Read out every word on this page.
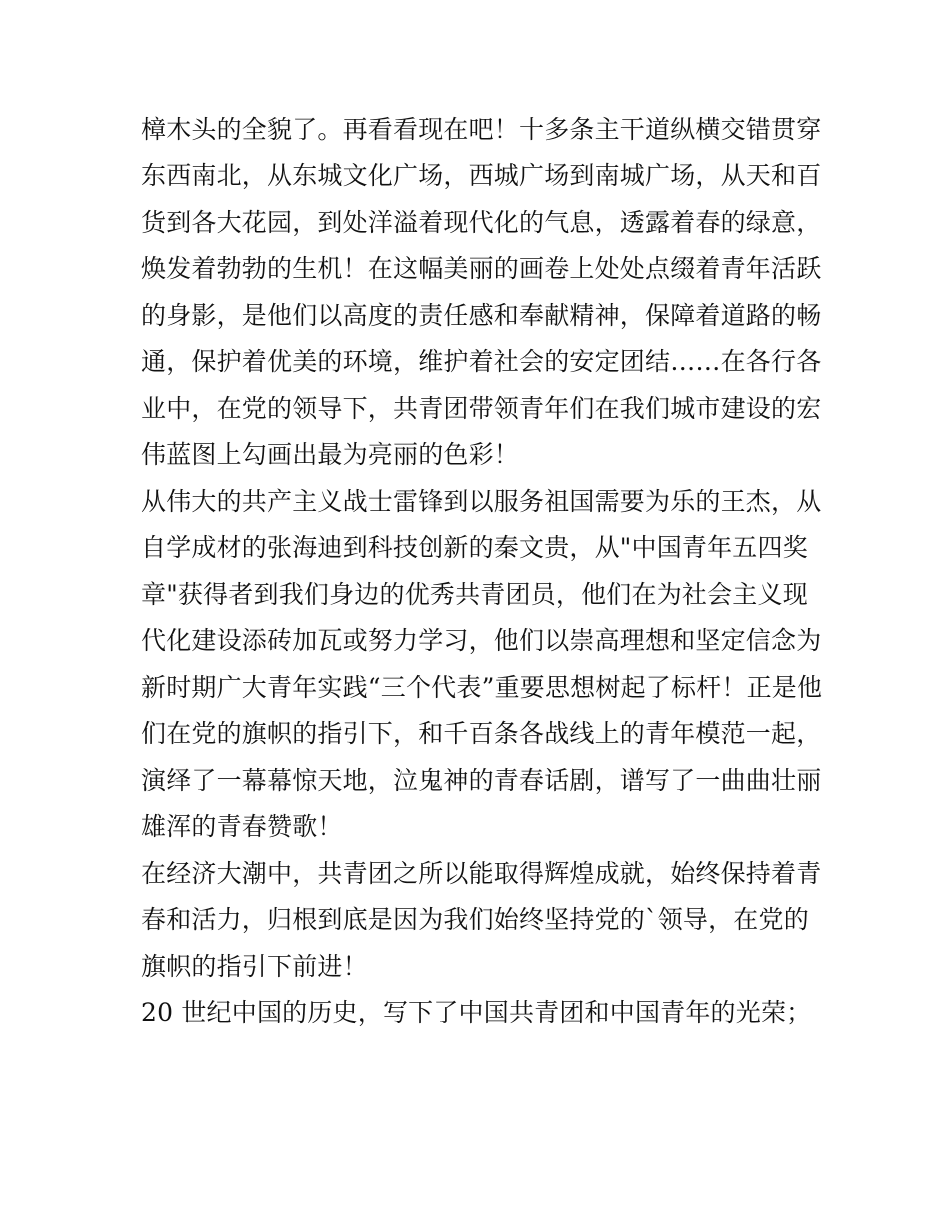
樟木头的全貌了。再看看现在吧！十多条主干道纵横交错贯穿

东西南北，从东城文化广场，西城广场到南城广场，从天和百

货到各大花园，到处洋溢着现代化的气息，透露着春的绿意，

焕发着勃勃的生机！在这幅美丽的画卷上处处点缀着青年活跃

的身影，是他们以高度的责任感和奉献精神，保障着道路的畅

通，保护着优美的环境，维护着社会的安定团结……在各行各

业中，在党的领导下，共青团带领青年们在我们城市建设的宏

伟蓝图上勾画出最为亮丽的色彩！

从伟大的共产主义战士雷锋到以服务祖国需要为乐的王杰，从

自学成材的张海迪到科技创新的秦文贵，从"中国青年五四奖

章"获得者到我们身边的优秀共青团员，他们在为社会主义现

代化建设添砖加瓦或努力学习，他们以崇高理想和坚定信念为

新时期广大青年实践“三个代表”重要思想树起了标杆！正是他

们在党的旗帜的指引下，和千百条各战线上的青年模范一起，

演绎了一幕幕惊天地，泣鬼神的青春话剧，谱写了一曲曲壮丽

雄浑的青春赞歌！

在经济大潮中，共青团之所以能取得辉煌成就，始终保持着青

春和活力，归根到底是因为我们始终坚持党的`领导，在党的

旗帜的指引下前进！

20 世纪中国的历史，写下了中国共青团和中国青年的光荣；
